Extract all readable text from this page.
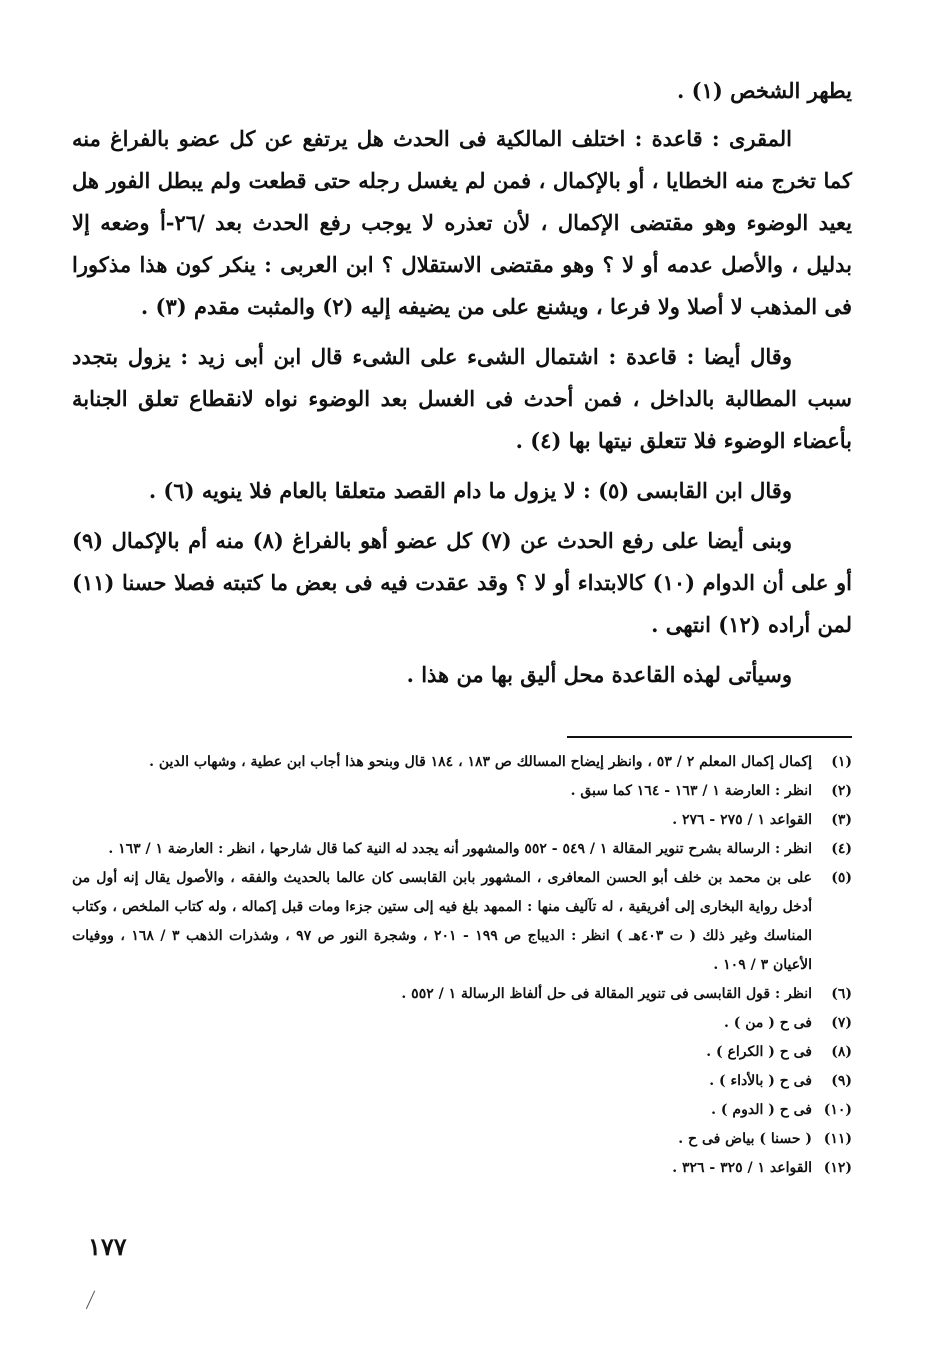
يطهر الشخص (١) .

المقرى : قاعدة : اختلف المالكية فى الحدث هل يرتفع عن كل عضو بالفراغ منه كما تخرج منه الخطايا ، أو بالإكمال ، فمن لم يغسل رجله حتى قطعت ولم يبطل الفور هل يعيد الوضوء وهو مقتضى الإكمال ، لأن تعذره لا يوجب رفع الحدث بعد /٢٦-أ وضعه إلا بدليل ، والأصل عدمه أو لا ؟ وهو مقتضى الاستقلال ؟ ابن العربى : ينكر كون هذا مذكورا فى المذهب لا أصلا ولا فرعا ، ويشنع على من يضيفه إليه (٢) والمثبت مقدم (٣) .

وقال أيضا : قاعدة : اشتمال الشىء على الشىء قال ابن أبى زيد : يزول بتجدد سبب المطالبة بالداخل ، فمن أحدث فى الغسل بعد الوضوء نواه لانقطاع تعلق الجنابة بأعضاء الوضوء فلا تتعلق نيتها بها (٤) .

وقال ابن القابسى (٥) : لا يزول ما دام القصد متعلقا بالعام فلا ينويه (٦) .

وبنى أيضا على رفع الحدث عن (٧) كل عضو أهو بالفراغ (٨) منه أم بالإكمال (٩) أو على أن الدوام (١٠) كالابتداء أو لا ؟ وقد عقدت فيه فى بعض ما كتبته فصلا حسنا (١١) لمن أراده (١٢) انتهى .

وسيأتى لهذه القاعدة محل أليق بها من هذا .

(١)
إكمال إكمال المعلم ٢ / ٥٣ ، وانظر إيضاح المسالك ص ١٨٣ ، ١٨٤ قال وبنحو هذا أجاب ابن عطية ، وشهاب الدين .
(٢)
انظر : العارضة ١ / ١٦٣ - ١٦٤ كما سبق .
(٣)
القواعد ١ / ٢٧٥ - ٢٧٦ .
(٤)
انظر : الرسالة بشرح تنوير المقالة ١ / ٥٤٩ - ٥٥٢ والمشهور أنه يجدد له النية كما قال شارحها ، انظر : العارضة ١ / ١٦٣ .
(٥)
على بن محمد بن خلف أبو الحسن المعافرى ، المشهور بابن القابسى كان عالما بالحديث والفقه ، والأصول يقال إنه أول من أدخل رواية البخارى إلى أفريقية ، له تآليف منها : الممهد بلغ فيه إلى ستين جزءا ومات قبل إكماله ، وله كتاب الملخص ، وكتاب المناسك وغير ذلك ( ت ٤٠٣هـ ) انظر : الديباج ص ١٩٩ - ٢٠١ ، وشجرة النور ص ٩٧ ، وشذرات الذهب ٣ / ١٦٨ ، ووفيات الأعيان ٣ / ١٠٩ .
(٦)
انظر : قول القابسى فى تنوير المقالة فى حل ألفاظ الرسالة ١ / ٥٥٢ .
(٧)
فى ح ( من ) .
(٨)
فى ح ( الكراع ) .
(٩)
فى ح ( بالأداء ) .
(١٠)
فى ح ( الدوم ) .
(١١)
( حسنا ) بياض فى ح .
(١٢)
القواعد ١ / ٣٢٥ - ٣٢٦ .
١٧٧
